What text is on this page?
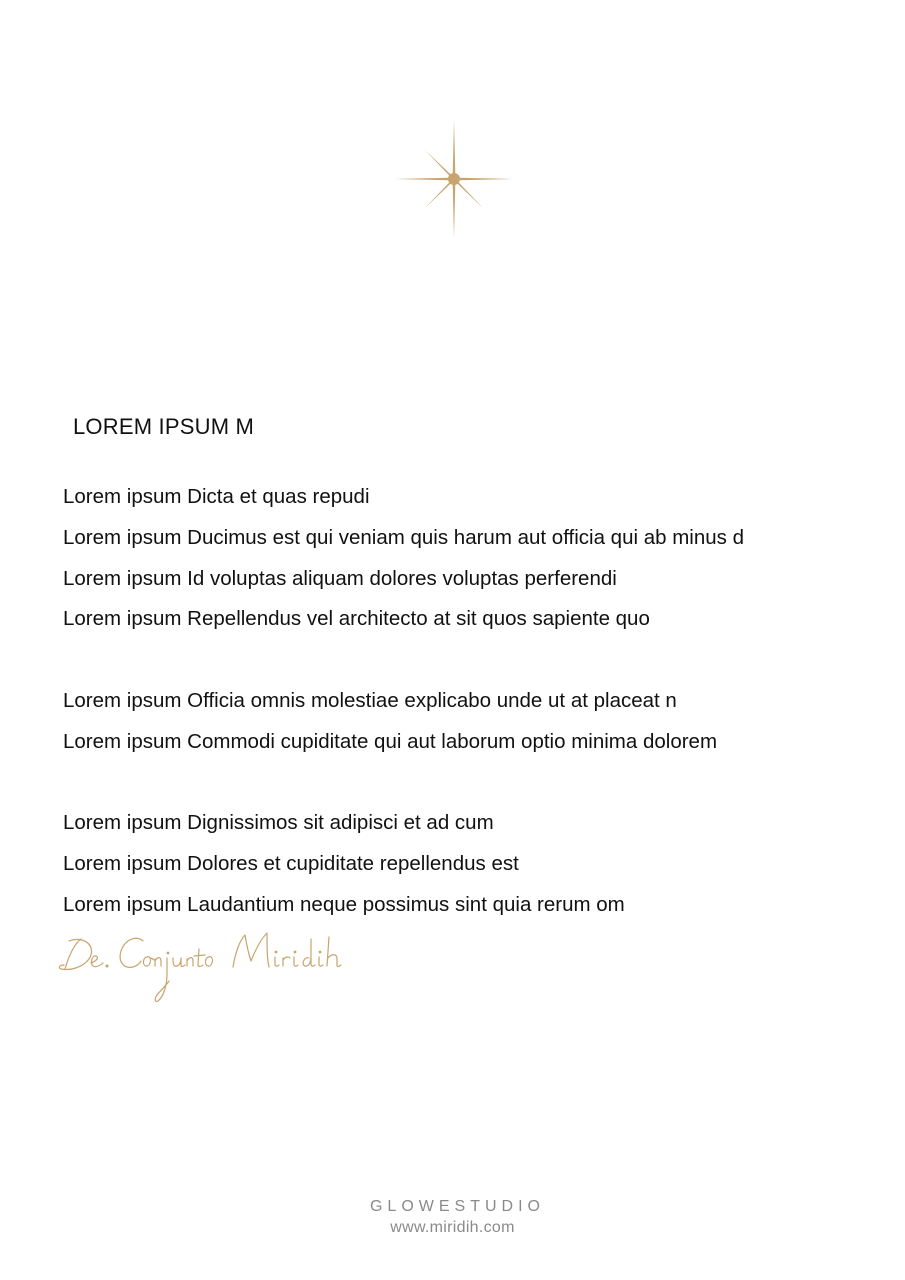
LOREM IPSUM M
Lorem ipsum Dicta et quas repudi
Lorem ipsum Ducimus est qui veniam quis harum aut officia qui ab minus d
Lorem ipsum Id voluptas aliquam dolores voluptas perferendi
Lorem ipsum Repellendus vel architecto at sit quos sapiente quo
Lorem ipsum Officia omnis molestiae explicabo unde ut at placeat n
Lorem ipsum Commodi cupiditate qui aut laborum optio minima dolorem
Lorem ipsum Dignissimos sit adipisci et ad cum
Lorem ipsum Dolores et cupiditate repellendus est
Lorem ipsum Laudantium neque possimus sint quia rerum om
GLOWESTUDIO
www.miridih.com
